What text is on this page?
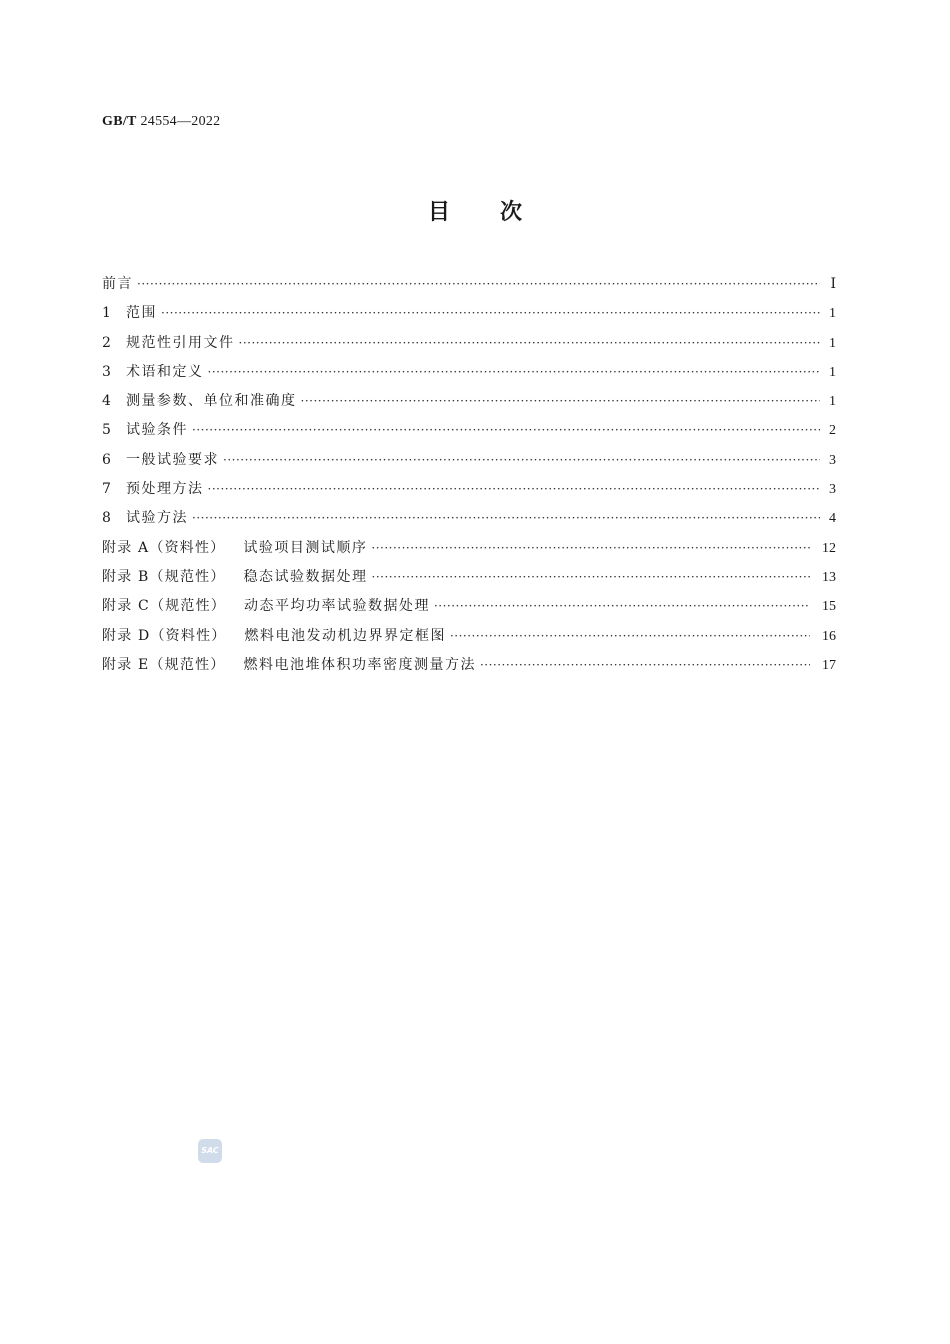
GB/T 24554—2022
目次
前言 ·····	Ⅰ
1	范围 ·····	1
2	规范性引用文件 ·····	1
3	术语和定义 ·····	1
4	测量参数、单位和准确度 ·····	1
5	试验条件 ·····	2
6	一般试验要求 ·····	3
7	预处理方法 ·····	3
8	试验方法 ·····	4
附录 A （资料性） 试验项目测试顺序 ·····	12
附录 B （规范性） 稳态试验数据处理 ·····	13
附录 C （规范性） 动态平均功率试验数据处理 ·····	15
附录 D （资料性） 燃料电池发动机边界界定框图 ·····	16
附录 E （规范性） 燃料电池堆体积功率密度测量方法 ·····	17
SAC
